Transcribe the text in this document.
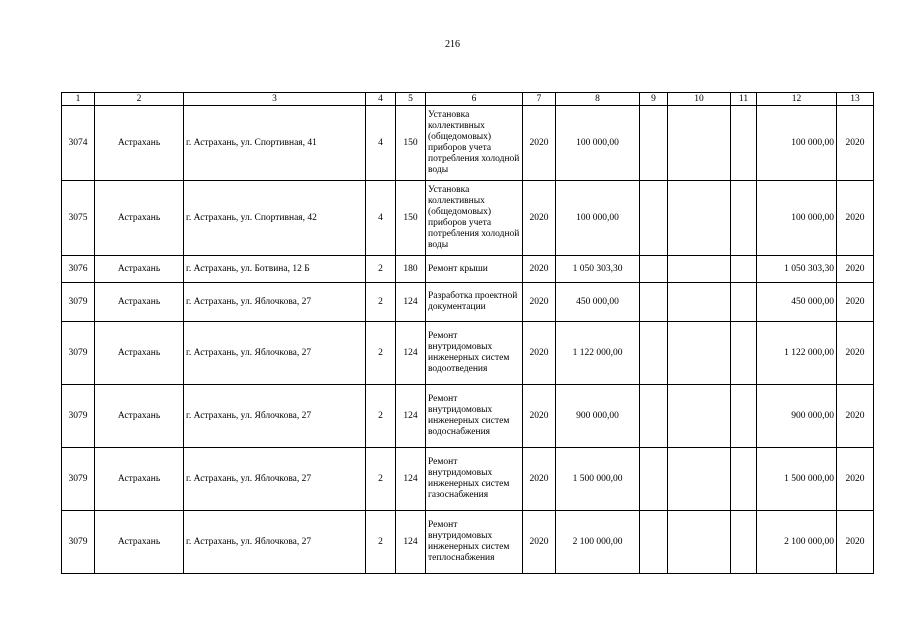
216
1	2	3	4	5	6	7	8	9	10	11	12	13
3074	Астрахань	г. Астрахань, ул. Спортивная, 41	4	150	Установка коллективных (общедомовых) приборов учета потребления холодной воды	2020	100 000,00				100 000,00	2020
3075	Астрахань	г. Астрахань, ул. Спортивная, 42	4	150	Установка коллективных (общедомовых) приборов учета потребления холодной воды	2020	100 000,00				100 000,00	2020
3076	Астрахань	г. Астрахань, ул. Ботвина, 12 Б	2	180	Ремонт крыши	2020	1 050 303,30				1 050 303,30	2020
3079	Астрахань	г. Астрахань, ул. Яблочкова, 27	2	124	Разработка проектной документации	2020	450 000,00				450 000,00	2020
3079	Астрахань	г. Астрахань, ул. Яблочкова, 27	2	124	Ремонт внутридомовых инженерных систем водоотведения	2020	1 122 000,00				1 122 000,00	2020
3079	Астрахань	г. Астрахань, ул. Яблочкова, 27	2	124	Ремонт внутридомовых инженерных систем водоснабжения	2020	900 000,00				900 000,00	2020
3079	Астрахань	г. Астрахань, ул. Яблочкова, 27	2	124	Ремонт внутридомовых инженерных систем газоснабжения	2020	1 500 000,00				1 500 000,00	2020
3079	Астрахань	г. Астрахань, ул. Яблочкова, 27	2	124	Ремонт внутридомовых инженерных систем теплоснабжения	2020	2 100 000,00				2 100 000,00	2020
